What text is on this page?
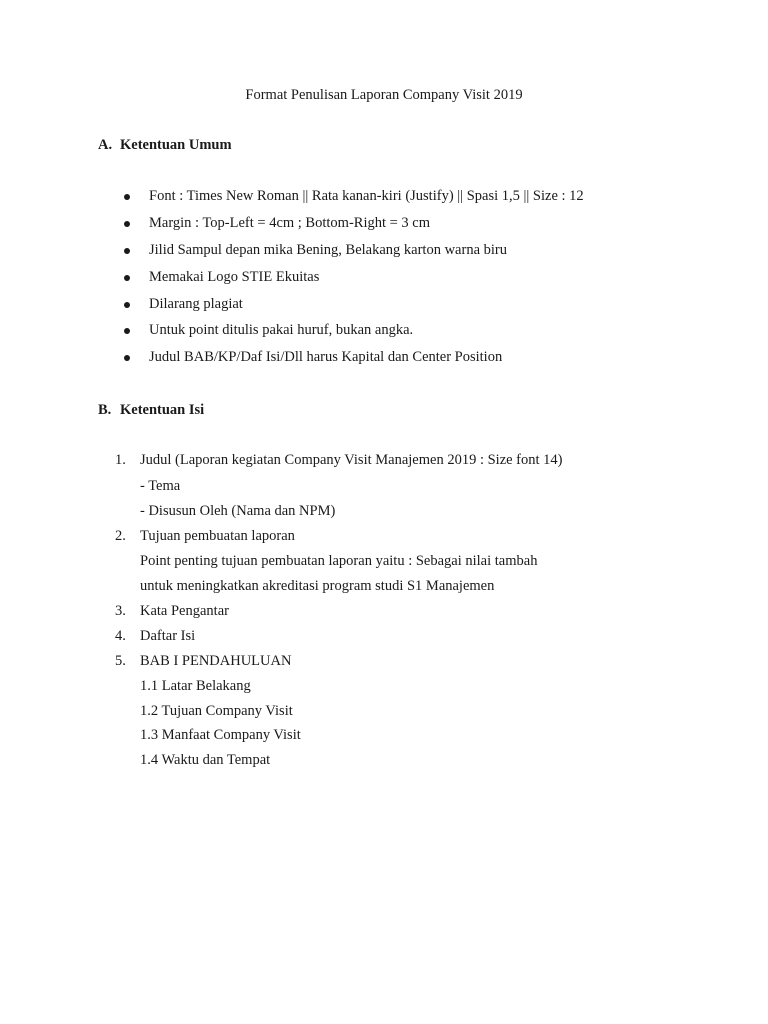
Format Penulisan Laporan Company Visit 2019
A. Ketentuan Umum
Font : Times New Roman || Rata kanan-kiri (Justify) || Spasi 1,5 || Size : 12
Margin : Top-Left = 4cm ; Bottom-Right = 3 cm
Jilid Sampul depan mika Bening, Belakang karton warna biru
Memakai Logo STIE Ekuitas
Dilarang plagiat
Untuk point ditulis pakai huruf, bukan angka.
Judul BAB/KP/Daf Isi/Dll harus Kapital dan Center Position
B. Ketentuan Isi
1. Judul (Laporan kegiatan Company Visit Manajemen 2019 : Size font 14)
- Tema
- Disusun Oleh (Nama dan NPM)
2. Tujuan pembuatan laporan
Point penting tujuan pembuatan laporan yaitu : Sebagai nilai tambah
untuk meningkatkan akreditasi program studi S1 Manajemen
3. Kata Pengantar
4. Daftar Isi
5. BAB I PENDAHULUAN
1.1 Latar Belakang
1.2 Tujuan Company Visit
1.3 Manfaat Company Visit
1.4 Waktu dan Tempat
